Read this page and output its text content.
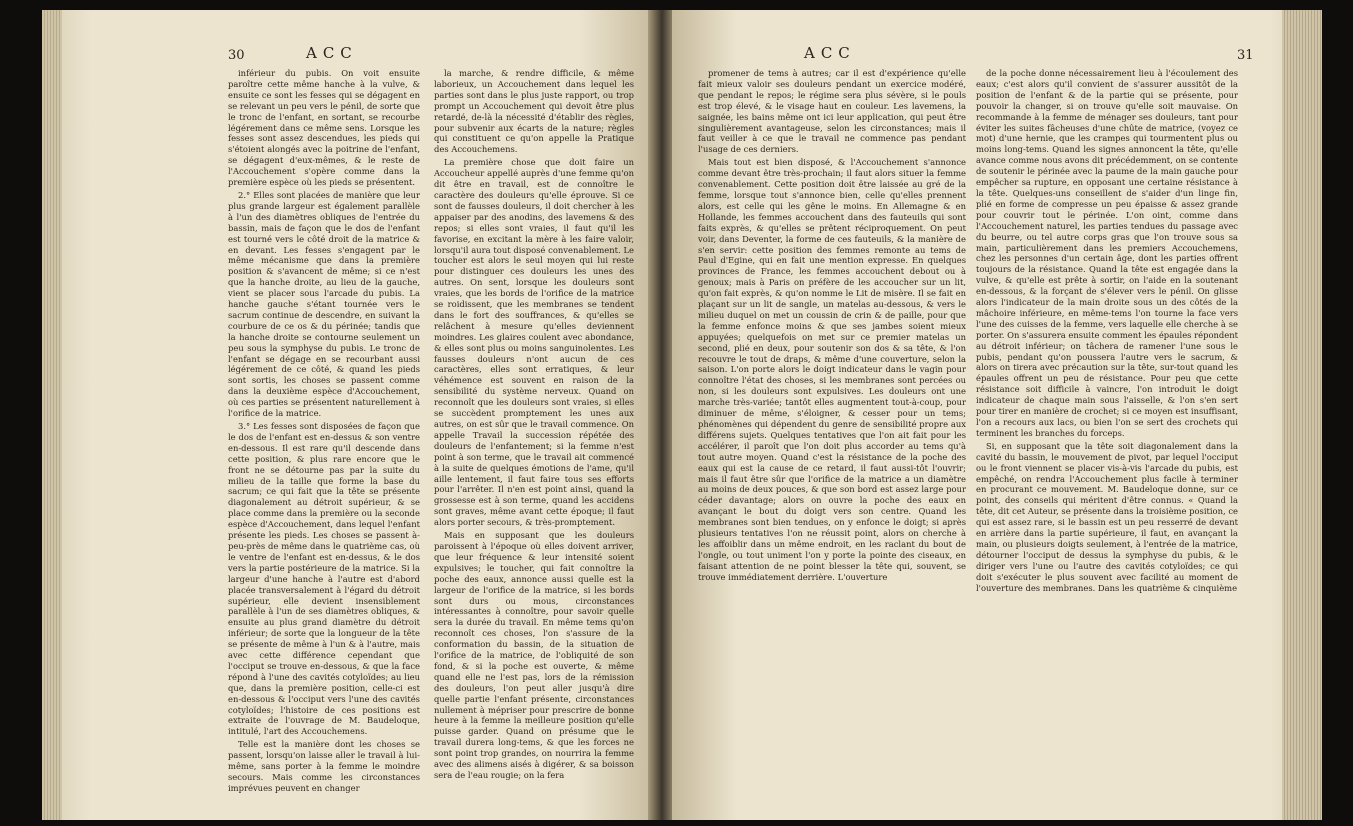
30	ACC

inférieur du pubis. On voit ensuite paroître cette même hanche à la vulve, & ensuite ce sont les fesses qui se dégagent en se relevant un peu vers le pénil, de sorte que le tronc de l'enfant, en sortant, se recourbe légérement dans ce même sens. Lorsque les fesses sont assez descendues, les pieds qui s'étoient alongés avec la poitrine de l'enfant, se dégagent d'eux-mêmes, & le reste de l'Accouchement s'opère comme dans la première espèce où les pieds se présentent.

2.° Elles sont placées de manière que leur plus grande largeur est également parallèle à l'un des diamètres obliques de l'entrée du bassin, mais de façon que le dos de l'enfant est tourné vers le côté droit de la matrice & en devant. Les fesses s'engagent par le même mécanisme que dans la première position & s'avancent de même; si ce n'est que la hanche droite, au lieu de la gauche, vient se placer sous l'arcade du pubis. La hanche gauche s'étant tournée vers le sacrum continue de descendre, en suivant la courbure de ce os & du périnée; tandis que la hanche droite se contourne seulement un peu sous la symphyse du pubis. Le tronc de l'enfant se dégage en se recourbant aussi légérement de ce côté, & quand les pieds sont sortis, les choses se passent comme dans la deuxième espèce d'Accouchement, où ces parties se présentent naturellement à l'orifice de la matrice.

3.° Les fesses sont disposées de façon que le dos de l'enfant est en-dessus & son ventre en-dessous. Il est rare qu'il descende dans cette position, & plus rare encore que le front ne se détourne pas par la suite du milieu de la taille que forme la base du sacrum; ce qui fait que la tête se présente diagonalement au détroit supérieur, & se place comme dans la première ou la seconde espèce d'Accouchement, dans lequel l'enfant présente les pieds. Les choses se passent à-peu-près de même dans le quatrième cas, où le ventre de l'enfant est en-dessus, & le dos vers la partie postérieure de la matrice. Si la largeur d'une hanche à l'autre est d'abord placée transversalement à l'égard du détroit supérieur, elle devient insensiblement parallèle à l'un de ses diamètres obliques, & ensuite au plus grand diamètre du détroit inférieur; de sorte que la longueur de la tête se présente de même à l'un & à l'autre, mais avec cette différence cependant que l'occiput se trouve en-dessous, & que la face répond à l'une des cavités cotyloïdes; au lieu que, dans la première position, celle-ci est en-dessous & l'occiput vers l'une des cavités cotyloïdes; l'histoire de ces positions est extraite de l'ouvrage de M. Baudeloque, intitulé, l'art des Accouchemens.

Telle est la manière dont les choses se passent, lorsqu'on laisse aller le travail à lui-même, sans porter à la femme le moindre secours. Mais comme les circonstances imprévues peuvent en changer

la marche, & rendre difficile, & même laborieux, un Accouchement dans lequel les parties sont dans le plus juste rapport, ou trop prompt un Accouchement qui devoit être plus retardé, de-là la nécessité d'établir des règles, pour subvenir aux écarts de la nature; règles qui constituent ce qu'on appelle la Pratique des Accouchemens.

La première chose que doit faire un Accoucheur appellé auprès d'une femme qu'on dit être en travail, est de connoître le caractère des douleurs qu'elle éprouve. Si ce sont de fausses douleurs, il doit chercher à les appaiser par des anodins, des lavemens & des repos; si elles sont vraies, il faut qu'il les favorise, en excitant la mère à les faire valoir, lorsqu'il aura tout disposé convenablement. Le toucher est alors le seul moyen qui lui reste pour distinguer ces douleurs les unes des autres. On sent, lorsque les douleurs sont vraies, que les bords de l'orifice de la matrice se roidissent, que les membranes se tendent dans le fort des souffrances, & qu'elles se relâchent à mesure qu'elles deviennent moindres. Les glaires coulent avec abondance, & elles sont plus ou moins sanguinolentes. Les fausses douleurs n'ont aucun de ces caractères, elles sont erratiques, & leur véhémence est souvent en raison de la sensibilité du système nerveux. Quand on reconnoît que les douleurs sont vraies, si elles se succèdent promptement les unes aux autres, on est sûr que le travail commence. On appelle Travail la succession répétée des douleurs de l'enfantement; si la femme n'est point à son terme, que le travail ait commencé à la suite de quelques émotions de l'ame, qu'il aille lentement, il faut faire tous ses efforts pour l'arrêter. Il n'en est point ainsi, quand la grossesse est à son terme, quand les accidens sont graves, même avant cette époque; il faut alors porter secours, & très-promptement.

Mais en supposant que les douleurs paroissent à l'époque où elles doivent arriver, que leur fréquence & leur intensité soient expulsives; le toucher, qui fait connoître la poche des eaux, annonce aussi quelle est la largeur de l'orifice de la matrice, si les bords sont durs ou mous, circonstances intéressantes à connoître, pour savoir quelle sera la durée du travail. En même tems qu'on reconnoît ces choses, l'on s'assure de la conformation du bassin, de la situation de l'orifice de la matrice, de l'obliquité de son fond, & si la poche est ouverte, & même quand elle ne l'est pas, lors de la rémission des douleurs, l'on peut aller jusqu'à dire quelle partie l'enfant présente, circonstances nullement à mépriser pour prescrire de bonne heure à la femme la meilleure position qu'elle puisse garder. Quand on présume que le travail durera long-tems, & que les forces ne sont point trop grandes, on nourrira la femme avec des alimens aisés à digérer, & sa boisson sera de l'eau rougie; on la fera

ACC	31

promener de tems à autres; car il est d'expérience qu'elle fait mieux valoir ses douleurs pendant un exercice modéré, que pendant le repos; le régime sera plus sévère, si le pouls est trop élevé, & le visage haut en couleur. Les lavemens, la saignée, les bains même ont ici leur application, qui peut être singulièrement avantageuse, selon les circonstances; mais il faut veiller à ce que le travail ne commence pas pendant l'usage de ces derniers.

Mais tout est bien disposé, & l'Accouchement s'annonce comme devant être très-prochain; il faut alors situer la femme convenablement. Cette position doit être laissée au gré de la femme, lorsque tout s'annonce bien, celle qu'elles prennent alors, est celle qui les gêne le moins. En Allemagne & en Hollande, les femmes accouchent dans des fauteuils qui sont faits exprès, & qu'elles se prêtent réciproquement. On peut voir, dans Deventer, la forme de ces fauteuils, & la manière de s'en servir: cette position des femmes remonte au tems de Paul d'Egine, qui en fait une mention expresse. En quelques provinces de France, les femmes accouchent debout ou à genoux; mais à Paris on préfère de les accoucher sur un lit, qu'on fait exprès, & qu'on nomme le Lit de misère. Il se fait en plaçant sur un lit de sangle, un matelas au-dessous, & vers le milieu duquel on met un coussin de crin & de paille, pour que la femme enfonce moins & que ses jambes soient mieux appuyées; quelquefois on met sur ce premier matelas un second, plié en deux, pour soutenir son dos & sa tête, & l'on recouvre le tout de draps, & même d'une couverture, selon la saison. L'on porte alors le doigt indicateur dans le vagin pour connoître l'état des choses, si les membranes sont percées ou non, si les douleurs sont expulsives. Les douleurs ont une marche très-variée; tantôt elles augmentent tout-à-coup, pour diminuer de même, s'éloigner, & cesser pour un tems; phénomènes qui dépendent du genre de sensibilité propre aux différens sujets. Quelques tentatives que l'on ait fait pour les accélérer, il paroît que l'on doit plus accorder au tems qu'à tout autre moyen. Quand c'est la résistance de la poche des eaux qui est la cause de ce retard, il faut aussi-tôt l'ouvrir; mais il faut être sûr que l'orifice de la matrice a un diamètre au moins de deux pouces, & que son bord est assez large pour céder davantage; alors on ouvre la poche des eaux en avançant le bout du doigt vers son centre. Quand les membranes sont bien tendues, on y enfonce le doigt; si après plusieurs tentatives l'on ne réussit point, alors on cherche à les affoiblir dans un même endroit, en les raclant du bout de l'ongle, ou tout uniment l'on y porte la pointe des ciseaux, en faisant attention de ne point blesser la tête qui, souvent, se trouve immédiatement derrière. L'ouverture

de la poche donne nécessairement lieu à l'écoulement des eaux; c'est alors qu'il convient de s'assurer aussitôt de la position de l'enfant & de la partie qui se présente, pour pouvoir la changer, si on trouve qu'elle soit mauvaise. On recommande à la femme de ménager ses douleurs, tant pour éviter les suites fâcheuses d'une chûte de matrice, (voyez ce mot) d'une hernie, que les crampes qui tourmentent plus ou moins long-tems. Quand les signes annoncent la tête, qu'elle avance comme nous avons dit précédemment, on se contente de soutenir le périnée avec la paume de la main gauche pour empêcher sa rupture, en opposant une certaine résistance à la tête. Quelques-uns conseillent de s'aider d'un linge fin, plié en forme de compresse un peu épaisse & assez grande pour couvrir tout le périnée. L'on oint, comme dans l'Accouchement naturel, les parties tendues du passage avec du beurre, ou tel autre corps gras que l'on trouve sous sa main, particulièrement dans les premiers Accouchemens, chez les personnes d'un certain âge, dont les parties offrent toujours de la résistance. Quand la tête est engagée dans la vulve, & qu'elle est prête à sortir, on l'aide en la soutenant en-dessous, & la forçant de s'élever vers le pénil. On glisse alors l'indicateur de la main droite sous un des côtés de la mâchoire inférieure, en même-tems l'on tourne la face vers l'une des cuisses de la femme, vers laquelle elle cherche à se porter. On s'assurera ensuite comment les épaules répondent au détroit inférieur; on tâchera de ramener l'une sous le pubis, pendant qu'on poussera l'autre vers le sacrum, & alors on tirera avec précaution sur la tête, sur-tout quand les épaules offrent un peu de résistance. Pour peu que cette résistance soit difficile à vaincre, l'on introduit le doigt indicateur de chaque main sous l'aisselle, & l'on s'en sert pour tirer en manière de crochet; si ce moyen est insuffisant, l'on a recours aux lacs, ou bien l'on se sert des crochets qui terminent les branches du forceps.

Si, en supposant que la tête soit diagonalement dans la cavité du bassin, le mouvement de pivot, par lequel l'occiput ou le front viennent se placer vis-à-vis l'arcade du pubis, est empêché, on rendra l'Accouchement plus facile à terminer en procurant ce mouvement. M. Baudeloque donne, sur ce point, des conseils qui méritent d'être connus. « Quand la tête, dit cet Auteur, se présente dans la troisième position, ce qui est assez rare, si le bassin est un peu resserré de devant en arrière dans la partie supérieure, il faut, en avançant la main, ou plusieurs doigts seulement, à l'entrée de la matrice, détourner l'occiput de dessus la symphyse du pubis, & le diriger vers l'une ou l'autre des cavités cotyloïdes; ce qui doit s'exécuter le plus souvent avec facilité au moment de l'ouverture des membranes. Dans les quatrième & cinquième
